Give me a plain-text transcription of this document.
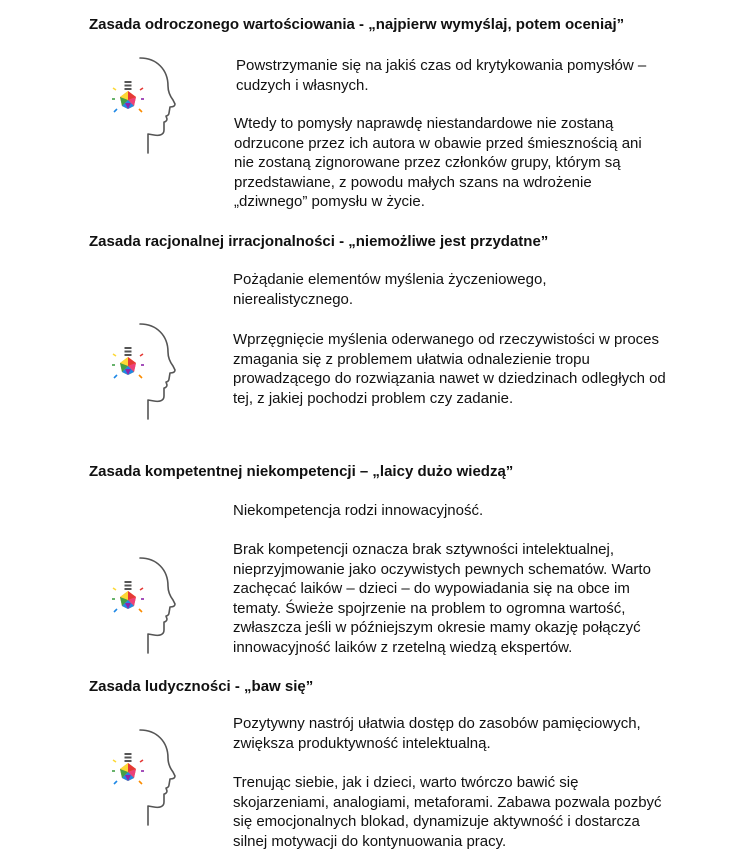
Zasada odroczonego wartościowania - „najpierw wymyślaj, potem oceniaj”

Powstrzymanie się na jakiś czas od krytykowania pomysłów – cudzych i własnych.

Wtedy to pomysły naprawdę niestandardowe nie zostaną odrzucone przez ich autora w obawie przed śmiesznością ani nie zostaną zignorowane przez członków grupy, którym są przedstawiane, z powodu małych szans na wdrożenie „dziwnego” pomysłu w życie.

Zasada racjonalnej irracjonalności - „niemożliwe jest przydatne”

Pożądanie elementów myślenia życzeniowego, nierealistycznego.

Wprzęgnięcie myślenia oderwanego od rzeczywistości w proces zmagania się z problemem ułatwia odnalezienie tropu prowadzącego do rozwiązania nawet w dziedzinach odległych od tej, z jakiej pochodzi problem czy zadanie.

Zasada kompetentnej niekompetencji – „laicy dużo wiedzą”

Niekompetencja rodzi innowacyjność.

Brak kompetencji oznacza brak sztywności intelektualnej, nieprzyjmowanie jako oczywistych pewnych schematów. Warto zachęcać laików – dzieci – do wypowiadania się na obce im tematy. Świeże spojrzenie na problem to ogromna wartość, zwłaszcza jeśli w późniejszym okresie mamy okazję połączyć innowacyjność laików z rzetelną wiedzą ekspertów.

Zasada ludyczności - „baw się”

Pozytywny nastrój ułatwia dostęp do zasobów pamięciowych, zwiększa produktywność intelektualną.

Trenując siebie, jak i dzieci, warto twórczo bawić się skojarzeniami, analogiami, metaforami. Zabawa pozwala pozbyć się emocjonalnych blokad, dynamizuje aktywność i dostarcza silnej motywacji do kontynuowania pracy.
